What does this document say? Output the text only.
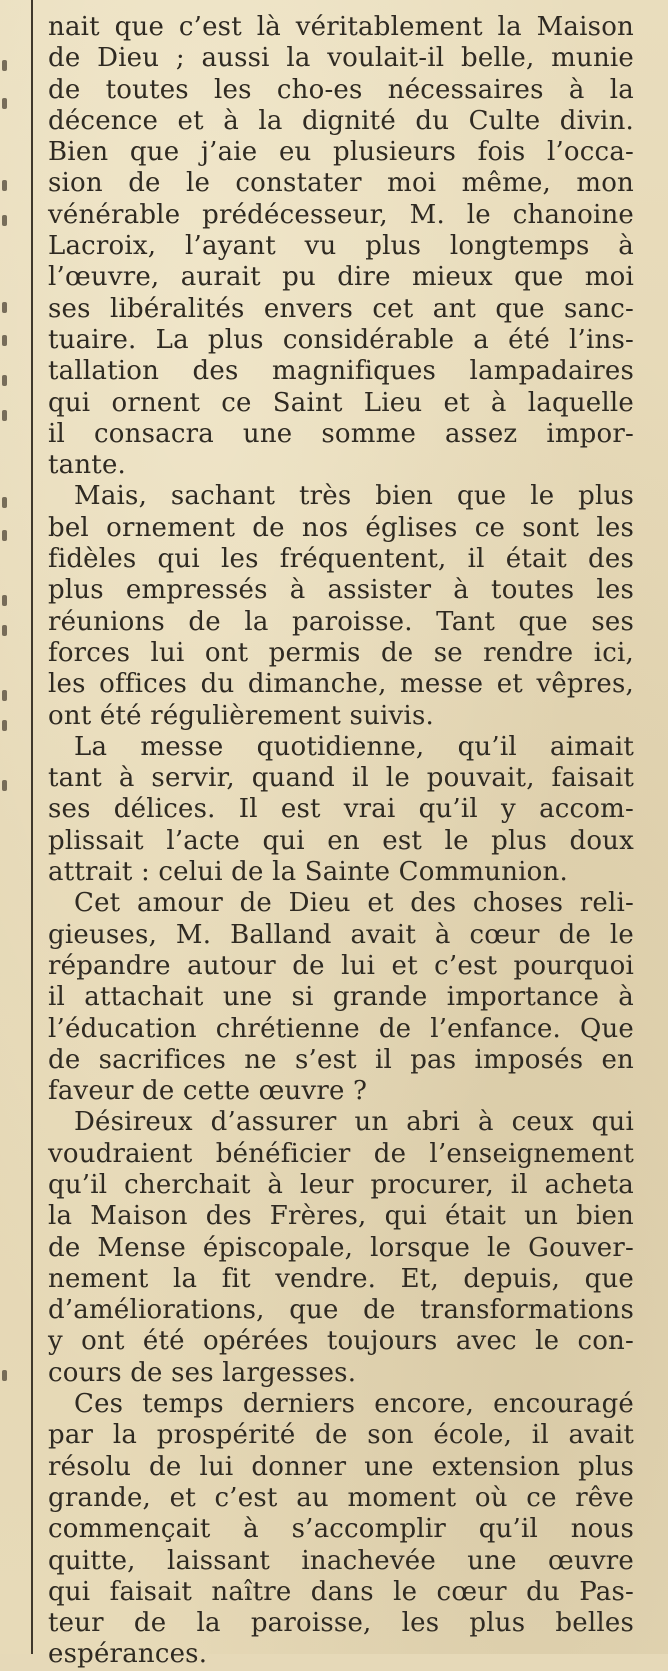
nait que c’est là véritablement la Maison
de Dieu ; aussi la voulait-il belle, munie
de toutes les cho-es nécessaires à la
décence et à la dignité du Culte divin.
Bien que j’aie eu plusieurs fois l’occa-
sion de le constater moi même, mon
vénérable prédécesseur, M. le chanoine
Lacroix, l’ayant vu plus longtemps à
l’œuvre, aurait pu dire mieux que moi
ses libéralités envers cet ant que sanc-
tuaire. La plus considérable a été l’ins-
tallation des magnifiques lampadaires
qui ornent ce Saint Lieu et à laquelle
il consacra une somme assez impor-
tante.
Mais, sachant très bien que le plus
bel ornement de nos églises ce sont les
fidèles qui les fréquentent, il était des
plus empressés à assister à toutes les
réunions de la paroisse. Tant que ses
forces lui ont permis de se rendre ici,
les offices du dimanche, messe et vêpres,
ont été régulièrement suivis.
La messe quotidienne, qu’il aimait
tant à servir, quand il le pouvait, faisait
ses délices. Il est vrai qu’il y accom-
plissait l’acte qui en est le plus doux
attrait : celui de la Sainte Communion.
Cet amour de Dieu et des choses reli-
gieuses, M. Balland avait à cœur de le
répandre autour de lui et c’est pourquoi
il attachait une si grande importance à
l’éducation chrétienne de l’enfance. Que
de sacrifices ne s’est il pas imposés en
faveur de cette œuvre ?
Désireux d’assurer un abri à ceux qui
voudraient bénéficier de l’enseignement
qu’il cherchait à leur procurer, il acheta
la Maison des Frères, qui était un bien
de Mense épiscopale, lorsque le Gouver-
nement la fit vendre. Et, depuis, que
d’améliorations, que de transformations
y ont été opérées toujours avec le con-
cours de ses largesses.
Ces temps derniers encore, encouragé
par la prospérité de son école, il avait
résolu de lui donner une extension plus
grande, et c’est au moment où ce rêve
commençait à s’accomplir qu’il nous
quitte, laissant inachevée une œuvre
qui faisait naître dans le cœur du Pas-
teur de la paroisse, les plus belles
espérances.
